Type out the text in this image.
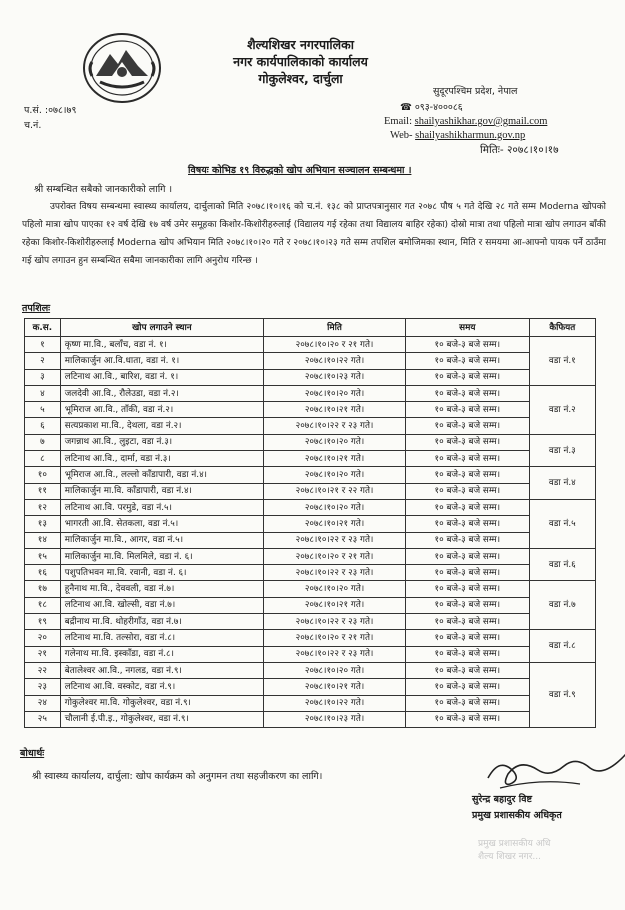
शैल्यशिखर नगरपालिका
नगर कार्यपालिकाको कार्यालय
गोकुलेश्वर, दार्चुला
सुदूरपश्चिम प्रदेश, नेपाल
☎ ०९३-४०००८६
Email: shailyashikhar.gov@gmail.com
Web- shailyashikharmun.gov.np
मितिः- २०७८।१०।१७
प.सं. :०७८।७९
च.नं.
विषयः कोभिड १९ विरुद्धको खोप अभियान सञ्चालन सम्बन्धमा ।
श्री सम्बन्धित सबैको जानकारीको लागि ।
उपरोक्त विषय सम्बन्धमा स्वास्थ्य कार्यालय, दार्चुलाको मिति २०७८।१०।१६ को च.नं. १३८ को प्राप्तपत्रानुसार गत २०७८ पौष ५ गते देखि २८ गते सम्म Moderna खोपको पहिलो मात्रा खोप पाएका १२ वर्ष देखि १७ वर्ष उमेर समूहका किशोर-किशोरीहरुलाई (विद्यालय गई रहेका तथा विद्यालय बाहिर रहेका) दोस्रो मात्रा तथा पहिलो मात्रा खोप लगाउन बाँकी रहेका किशोर-किशोरीहरुलाई Moderna खोप अभियान मिति २०७८।१०।२० गते र २०७८।१०।२३ गते सम्म तपशिल बमोजिमका स्थान, मिति र समयमा आ-आफ्नो पायक पर्ने ठाउँमा गई खोप लगाउन हुन सम्बन्धित सबैमा जानकारीका लागि अनुरोध गरिन्छ ।
तपशिलः
क.स.	खोप लगाउने स्थान	मिति	समय	कैफियत
१	कृष्ण मा.वि., बलाँच, वडा नं. १।	२०७८।१०।२० र २१ गते।	१० बजे-३ बजे सम्म।	वडा नं.१
२	मालिकार्जुन आ.वि.धाता, वडा नं. १।	२०७८।१०।२२ गते।	१० बजे-३ बजे सम्म।	
३	लटिनाथ आ.वि., बारिश, वडा नं. १।	२०७८।१०।२३ गते।	१० बजे-३ बजे सम्म।	
४	जलदेवी आ.वि., रौलेउडा, वडा नं.२।	२०७८।१०।२० गते।	१० बजे-३ बजे सम्म।	वडा नं.२
५	भूमिराज आ.वि., ताँकी, वडा नं.२।	२०७८।१०।२१ गते।	१० बजे-३ बजे सम्म।	
६	सत्यप्रकाश मा.वि., देथला, वडा नं.२।	२०७८।१०।२२ र २३ गते।	१० बजे-३ बजे सम्म।	
७	जगन्नाथ आ.वि., लुइटा, वडा नं.३।	२०७८।१०।२० गते।	१० बजे-३ बजे सम्म।	वडा नं.३
८	लटिनाथ आ.वि., दार्मा, वडा नं.३।	२०७८।१०।२१ गते।	१० बजे-३ बजे सम्म।	
१०	भूमिराज आ.वि., लल्लो काँडापारी, वडा नं.४।	२०७८।१०।२० गते।	१० बजे-३ बजे सम्म।	वडा नं.४
११	मालिकार्जुन मा.वि. काँडापारी, वडा नं.४।	२०७८।१०।२१ र २२ गते।	१० बजे-३ बजे सम्म।	
१२	लटिनाथ आ.वि. परमुडे, वडा नं.५।	२०७८।१०।२० गते।	१० बजे-३ बजे सम्म।	वडा नं.५
१३	भागरती आ.वि. सेतकला, वडा नं.५।	२०७८।१०।२१ गते।	१० बजे-३ बजे सम्म।	
१४	मालिकार्जुन मा.वि., आगर, वडा नं.५।	२०७८।१०।२२ र २३ गते।	१० बजे-३ बजे सम्म।	
१५	मालिकार्जुन मा.वि. मिलमिले, वडा नं. ६।	२०७८।१०।२० र २१ गते।	१० बजे-३ बजे सम्म।	वडा नं.६
१६	पशुपतिभवन मा.वि. रवानी, वडा नं. ६।	२०७८।१०।२२ र २३ गते।	१० बजे-३ बजे सम्म।	
१७	हूनैनाथ मा.वि., देववली, वडा नं.७।	२०७८।१०।२० गते।	१० बजे-३ बजे सम्म।	वडा नं.७
१८	लटिनाथ आ.वि. खोल्सी, वडा नं.७।	२०७८।१०।२१ गते।	१० बजे-३ बजे सम्म।	
१९	बद्रीनाथ मा.वि. थोहरीगाँउ, वडा नं.७।	२०७८।१०।२२ र २३ गते।	१० बजे-३ बजे सम्म।	
२०	लटिनाथ मा.वि. तल्सोरा, वडा नं.८।	२०७८।१०।२० र २१ गते।	१० बजे-३ बजे सम्म।	वडा नं.८
२१	गलेनाथ मा.वि. इस्काँडा, वडा नं.८।	२०७८।१०।२२ र २३ गते।	१० बजे-३ बजे सम्म।	
२२	बेतालेश्वर आ.वि., नगलड, वडा नं.९।	२०७८।१०।२० गते।	१० बजे-३ बजे सम्म।	वडा नं.९
२३	लटिनाथ आ.वि. वस्कोट, वडा नं.९।	२०७८।१०।२१ गते।	१० बजे-३ बजे सम्म।	
२४	गोकुलेश्वर मा.वि. गोकुलेश्वर, वडा नं.९।	२०७८।१०।२२ गते।	१० बजे-३ बजे सम्म।	
२५	चौलानी ई.पी.इ., गोकुलेश्वर, वडा नं.९।	२०७८।१०।२३ गते।	१० बजे-३ बजे सम्म।	
बोधार्थः
श्री स्वास्थ्य कार्यालय, दार्चुला: खोप कार्यक्रम को अनुगमन तथा सहजीकरण का लागि।
सुरेन्द्र बहादुर विष्ट
प्रमुख प्रशासकीय अधिकृत
प्रमुख प्रशासकीय अधि
शैल्य शिखर नगर...
